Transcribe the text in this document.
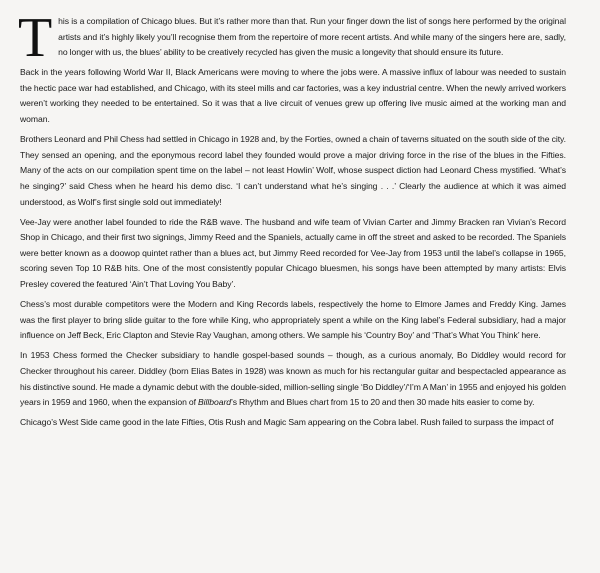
This is a compilation of Chicago blues. But it’s rather more than that. Run your finger down the list of songs here performed by the original artists and it’s highly likely you’ll recognise them from the repertoire of more recent artists. And while many of the singers here are, sadly, no longer with us, the blues’ ability to be creatively recycled has given the music a longevity that should ensure its future.

Back in the years following World War II, Black Americans were moving to where the jobs were. A massive influx of labour was needed to sustain the hectic pace war had established, and Chicago, with its steel mills and car factories, was a key industrial centre. When the newly arrived workers weren’t working they needed to be entertained. So it was that a live circuit of venues grew up offering live music aimed at the working man and woman.

Brothers Leonard and Phil Chess had settled in Chicago in 1928 and, by the Forties, owned a chain of taverns situated on the south side of the city. They sensed an opening, and the eponymous record label they founded would prove a major driving force in the rise of the blues in the Fifties. Many of the acts on our compilation spent time on the label – not least Howlin’ Wolf, whose suspect diction had Leonard Chess mystified. ‘What’s he singing?’ said Chess when he heard his demo disc. ‘I can’t understand what he’s singing . . .’ Clearly the audience at which it was aimed understood, as Wolf’s first single sold out immediately!

Vee-Jay were another label founded to ride the R&B wave. The husband and wife team of Vivian Carter and Jimmy Bracken ran Vivian’s Record Shop in Chicago, and their first two signings, Jimmy Reed and the Spaniels, actually came in off the street and asked to be recorded. The Spaniels were better known as a doowop quintet rather than a blues act, but Jimmy Reed recorded for Vee-Jay from 1953 until the label’s collapse in 1965, scoring seven Top 10 R&B hits. One of the most consistently popular Chicago bluesmen, his songs have been attempted by many artists: Elvis Presley covered the featured ‘Ain’t That Loving You Baby’.

Chess’s most durable competitors were the Modern and King Records labels, respectively the home to Elmore James and Freddy King. James was the first player to bring slide guitar to the fore while King, who appropriately spent a while on the King label’s Federal subsidiary, had a major influence on Jeff Beck, Eric Clapton and Stevie Ray Vaughan, among others. We sample his ‘Country Boy’ and ‘That’s What You Think’ here.

In 1953 Chess formed the Checker subsidiary to handle gospel-based sounds – though, as a curious anomaly, Bo Diddley would record for Checker throughout his career. Diddley (born Elias Bates in 1928) was known as much for his rectangular guitar and bespectacled appearance as his distinctive sound. He made a dynamic debut with the double-sided, million-selling single ‘Bo Diddley’/‘I’m A Man’ in 1955 and enjoyed his golden years in 1959 and 1960, when the expansion of Billboard’s Rhythm and Blues chart from 15 to 20 and then 30 made hits easier to come by.

Chicago’s West Side came good in the late Fifties, Otis Rush and Magic Sam appearing on the Cobra label. Rush failed to surpass the impact of
